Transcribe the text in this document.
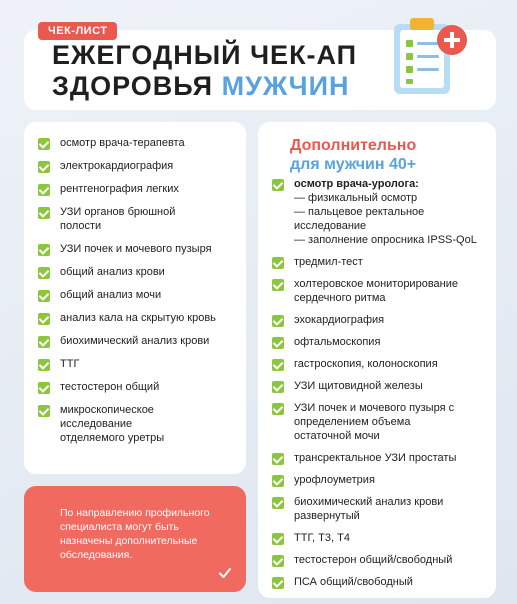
ЧЕК-ЛИСТ
ЕЖЕГОДНЫЙ ЧЕК-АП
ЗДОРОВЬЯ МУЖЧИН
осмотр врача-терапевта
электрокардиография
рентгенография легких
УЗИ органов брюшной полости
УЗИ почек и мочевого пузыря
общий анализ крови
общий анализ мочи
анализ кала на скрытую кровь
биохимический анализ крови
ТТГ
тестостерон общий
микроскопическое исследование отделяемого уретры
Дополнительно
для мужчин 40+
осмотр врача-уролога:
— физикальный осмотр
— пальцевое ректальное исследование
— заполнение опросника IPSS-QoL
тредмил-тест
холтеровское мониторирование сердечного ритма
эхокардиография
офтальмоскопия
гастроскопия, колоноскопия
УЗИ щитовидной железы
УЗИ почек и мочевого пузыря с определением объема остаточной мочи
трансректальное УЗИ простаты
урофлоуметрия
биохимический анализ крови развернутый
ТТГ, Т3, Т4
тестостерон общий/свободный
ПСА общий/свободный
По направлению профильного специалиста могут быть назначены дополнительные обследования.
